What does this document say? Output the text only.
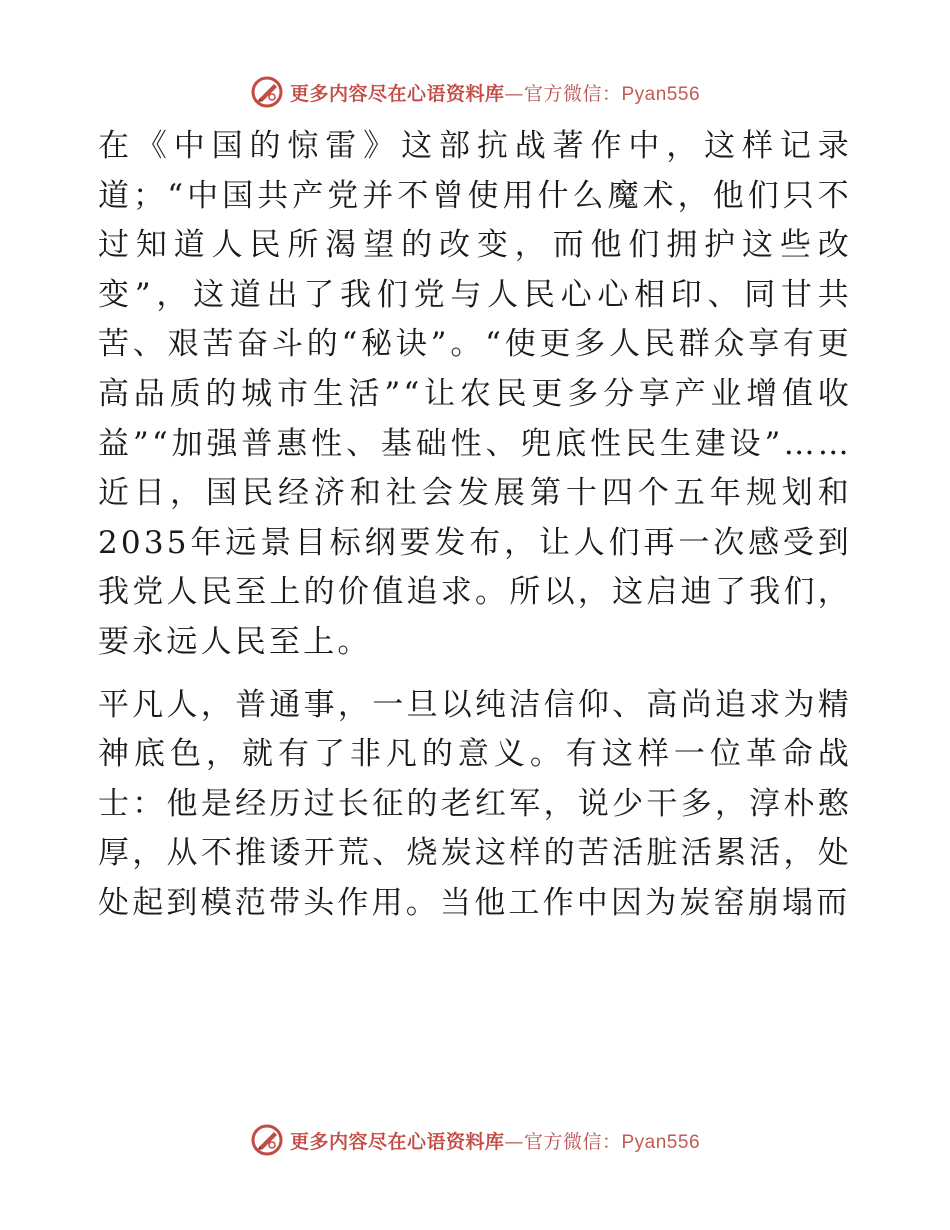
更多内容尽在心语资料库—官方微信：Pyan556

在《中国的惊雷》这部抗战著作中，这样记录道；“中国共产党并不曾使用什么魔术，他们只不过知道人民所渴望的改变，而他们拥护这些改变”，这道出了我们党与人民心心相印、同甘共苦、艰苦奋斗的“秘诀”。“使更多人民群众享有更高品质的城市生活”“让农民更多分享产业增值收益”“加强普惠性、基础性、兜底性民生建设”……近日，国民经济和社会发展第十四个五年规划和2035年远景目标纲要发布，让人们再一次感受到我党人民至上的价值追求。所以，这启迪了我们，要永远人民至上。

平凡人，普通事，一旦以纯洁信仰、高尚追求为精神底色，就有了非凡的意义。有这样一位革命战士：他是经历过长征的老红军，说少干多，淳朴憨厚，从不推诿开荒、烧炭这样的苦活脏活累活，处处起到模范带头作用。当他工作中因为炭窑崩塌而

更多内容尽在心语资料库—官方微信：Pyan556
